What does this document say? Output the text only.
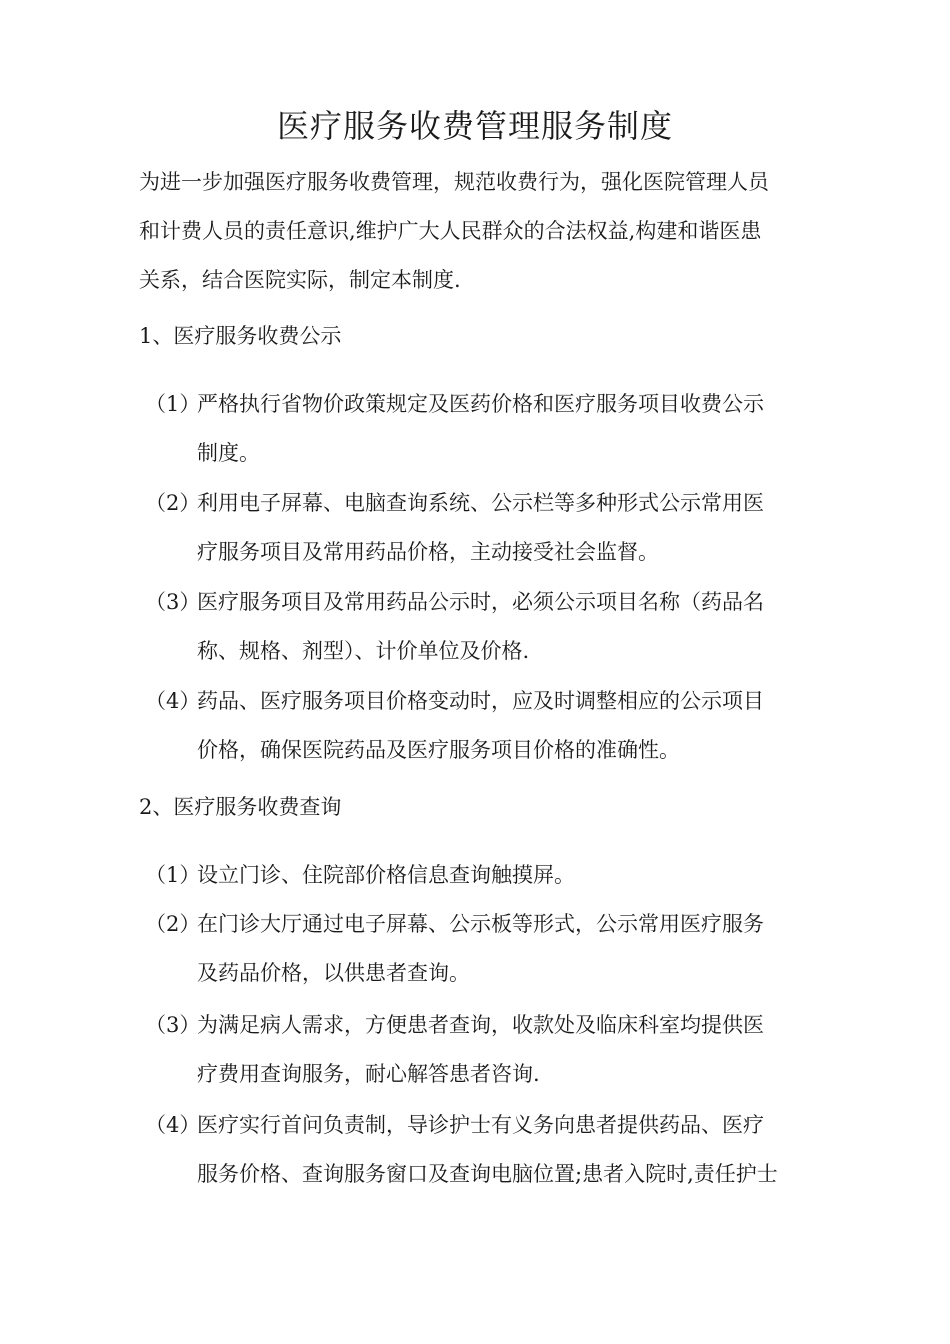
医疗服务收费管理服务制度

为进一步加强医疗服务收费管理，规范收费行为，强化医院管理人员

和计费人员的责任意识,维护广大人民群众的合法权益,构建和谐医患

关系，结合医院实际，制定本制度.

1、医疗服务收费公示
（1）严格执行省物价政策规定及医药价格和医疗服务项目收费公示
制度。
（2）利用电子屏幕、电脑查询系统、公示栏等多种形式公示常用医
疗服务项目及常用药品价格，主动接受社会监督。
（3）医疗服务项目及常用药品公示时，必须公示项目名称（药品名
称、规格、剂型）、计价单位及价格.
（4）药品、医疗服务项目价格变动时，应及时调整相应的公示项目
价格，确保医院药品及医疗服务项目价格的准确性。
2、医疗服务收费查询
（1）设立门诊、住院部价格信息查询触摸屏。
（2）在门诊大厅通过电子屏幕、公示板等形式，公示常用医疗服务
及药品价格，以供患者查询。
（3）为满足病人需求，方便患者查询，收款处及临床科室均提供医
疗费用查询服务，耐心解答患者咨询.
（4）医疗实行首问负责制，导诊护士有义务向患者提供药品、医疗
服务价格、查询服务窗口及查询电脑位置;患者入院时,责任护士
